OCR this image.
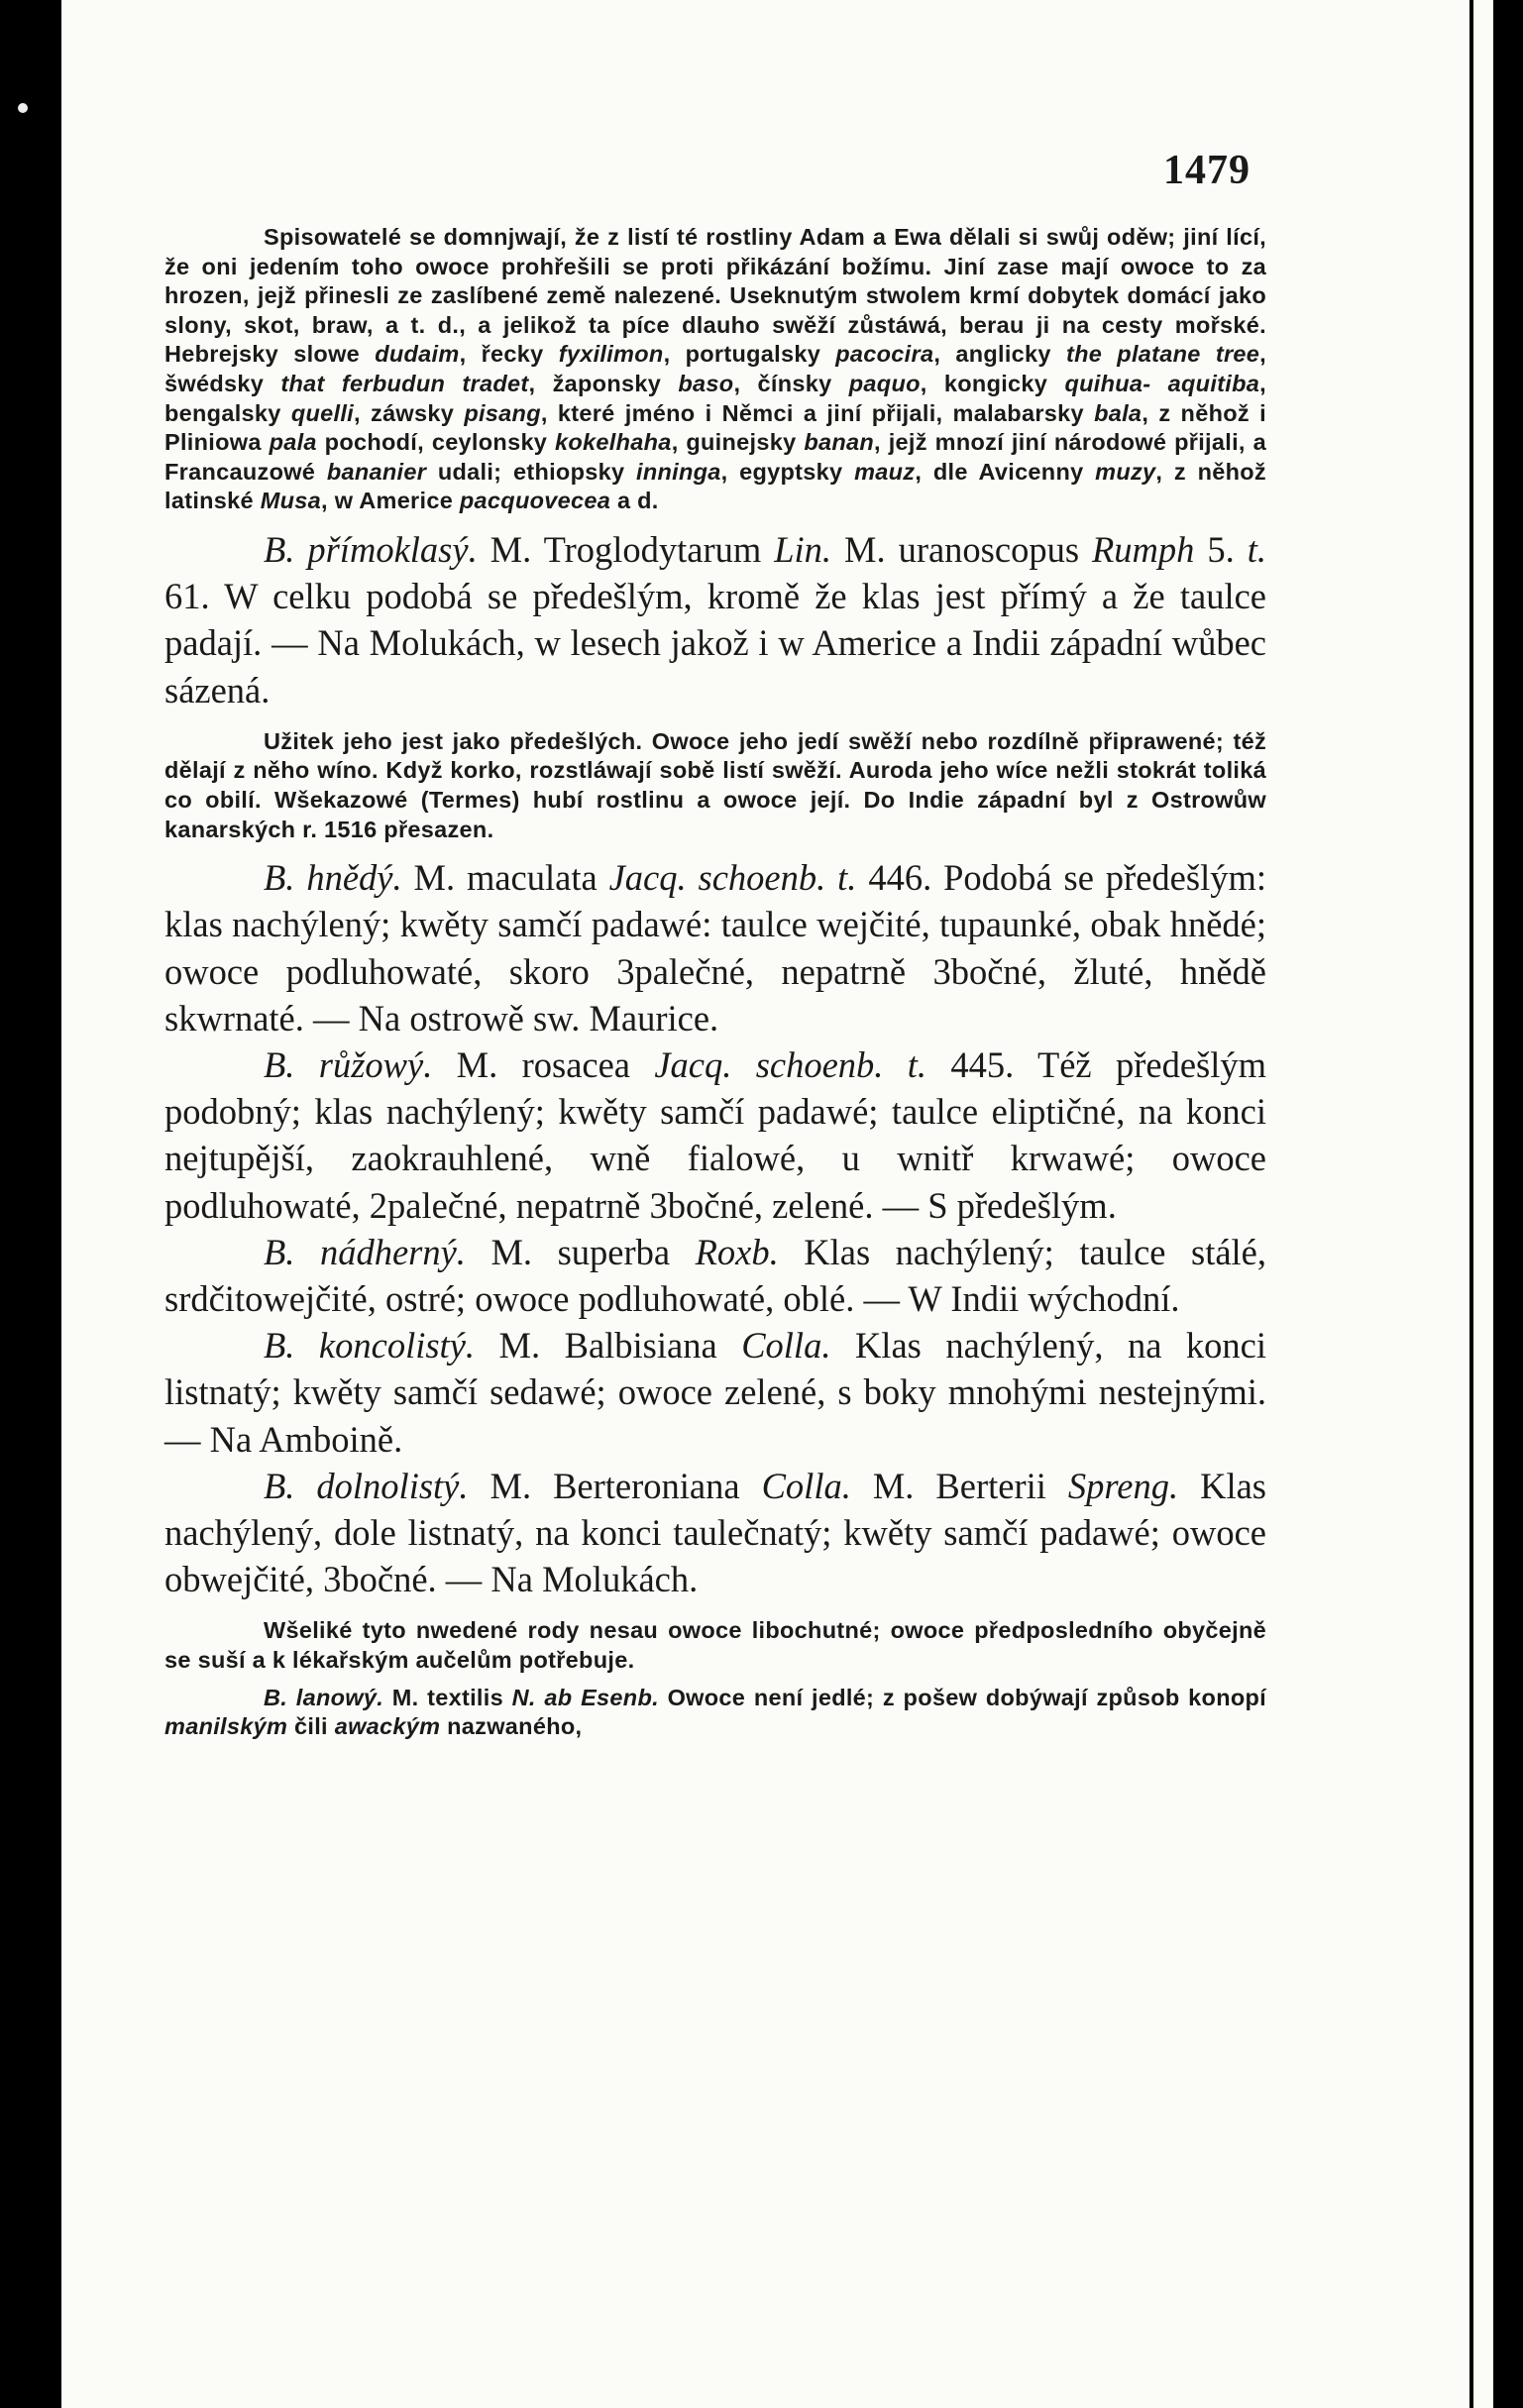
1479

Spisowatelé se domnjwají, že z listí té rostliny Adam a Ewa dělali si swůj oděw; jiní lící, že oni jedením toho owoce prohřešili se proti přikázání božímu. Jiní zase mají owoce to za hrozen, jejž přinesli ze zaslíbené země nalezené. Useknutým stwolem krmí dobytek domácí jako slony, skot, braw, a t. d., a jelikož ta píce dlauho swěží zůstáwá, berau ji na cesty mořské. Hebrejsky slowe dudaim, řecky fyxilimon, portugalsky pacocira, anglicky the platane tree, šwédsky that ferbudun tradet, žaponsky baso, čínsky paquo, kongicky quihua- aquitiba, bengalsky quelli, záwsky pisang, které jméno i Němci a jiní přijali, malabarsky bala, z něhož i Pliniowa pala pochodí, ceylonsky kokelhaha, guinejsky banan, jejž mnozí jiní národowé přijali, a Francauzowé bananier udali; ethiopsky inninga, egyptsky mauz, dle Avicenny muzy, z něhož latinské Musa, w Americe pacquovecea a d.

B. přímoklasý. M. Troglodytarum Lin. M. uranoscopus Rumph 5. t. 61. W celku podobá se předešlým, kromě že klas jest přímý a že taulce padají. — Na Molukách, w lesech jakož i w Americe a Indii západní wůbec sázená.

Užitek jeho jest jako předešlých. Owoce jeho jedí swěží nebo rozdílně připrawené; též dělají z něho wíno. Když korko, rozstláwají sobě listí swěží. Auroda jeho wíce nežli stokrát toliká co obilí. Wšekazowé (Termes) hubí rostlinu a owoce její. Do Indie západní byl z Ostrowůw kanarských r. 1516 přesazen.

B. hnědý. M. maculata Jacq. schoenb. t. 446. Podobá se předešlým: klas nachýlený; kwěty samčí padawé: taulce wejčité, tupaunké, obak hnědé; owoce podluhowaté, skoro 3palečné, nepatrně 3bočné, žluté, hnědě skwrnaté. — Na ostrowě sw. Maurice.

B. růžowý. M. rosacea Jacq. schoenb. t. 445. Též předešlým podobný; klas nachýlený; kwěty samčí padawé; taulce eliptičné, na konci nejtupější, zaokrauhlené, wně fialowé, u wnitř krwawé; owoce podluhowaté, 2palečné, nepatrně 3bočné, zelené. — S předešlým.

B. nádherný. M. superba Roxb. Klas nachýlený; taulce stálé, srdčitowejčité, ostré; owoce podluhowaté, oblé. — W Indii wýchodní.

B. koncolistý. M. Balbisiana Colla. Klas nachýlený, na konci listnatý; kwěty samčí sedawé; owoce zelené, s boky mnohými nestejnými. — Na Amboině.

B. dolnolistý. M. Berteroniana Colla. M. Berterii Spreng. Klas nachýlený, dole listnatý, na konci taulečnatý; kwěty samčí padawé; owoce obwejčité, 3bočné. — Na Molukách.

Wšeliké tyto nwedené rody nesau owoce libochutné; owoce předposledního obyčejně se suší a k lékařským aučelům potřebuje.

B. lanowý. M. textilis N. ab Esenb. Owoce není jedlé; z pošew dobýwají způsob konopí manilským čili awackým nazwaného,
